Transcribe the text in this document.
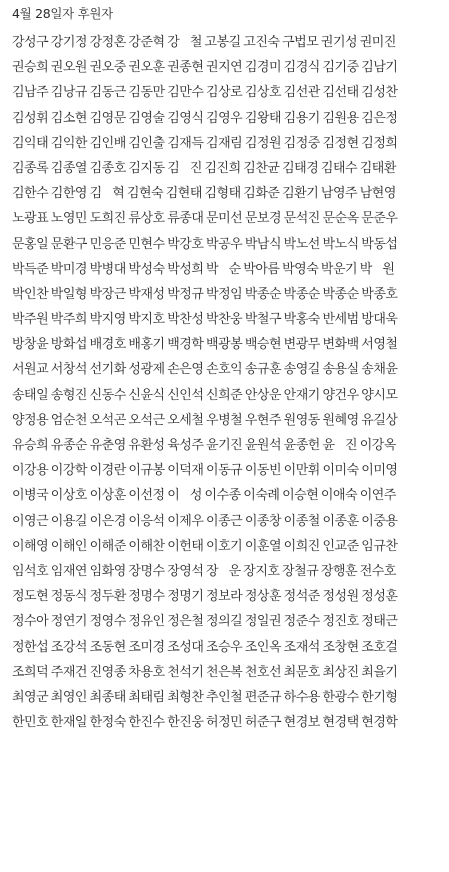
4월 28일자 후원자
강성구 강기정 강정혼 강준혁 강    철 고봉길 고진숙 구법모 권기성 권미진
권승희 권오원 권오중 권오훈 권종현 권지연 김경미 김경식 김기중 김남기
김남주 김낭규 김동근 김동만 김만수 김상로 김상호 김선관 김선태 김성찬
김성휘 김소현 김영문 김영술 김영식 김영우 김왕태 김용기 김원용 김은정
김익태 김익한 김인배 김인출 김재득 김재림 김정원 김정중 김정현 김정희
김종록 김종열 김종호 김지동 김    진 김진희 김찬균 김태경 김태수 김태환
김한수 김한영 김    혁 김현숙 김현태 김형태 김화준 김환기 남영주 남현영
노광표 노영민 도희진 류상호 류종대 문미선 문보경 문석진 문순옥 문준우
문홍일 문환구 민응준 민현수 박강호 박공우 박남식 박노선 박노식 박동섭
박득준 박미경 박병대 박성숙 박성희 박    순 박아름 박영숙 박운기 박    원
박인찬 박일형 박장근 박재성 박정규 박정임 박종순 박종순 박종순 박종호
박주원 박주희 박지영 박지호 박찬성 박찬웅 박철구 박홍숙 반세범 방대욱
방창윤 방화섭 배경호 배홍기 백경학 백광봉 백승현 변광무 변화백 서영철
서원교 서창석 선기화 성광제 손은영 손호익 송규훈 송영길 송용실 송채윤
송태일 송형진 신동수 신윤식 신인석 신희준 안상운 안재기 양건우 양시모
양정용 엄순천 오석곤 오석근 오세철 우병철 우현주 원영동 원혜영 유길상
유승희 유종순 유춘영 유환성 육성주 윤기진 윤원석 윤종헌 윤    진 이강옥
이강용 이강학 이경란 이규봉 이덕재 이동규 이동빈 이만휘 이미숙 이미영
이병국 이상호 이상훈 이선정 이    성 이수종 이숙례 이승현 이애숙 이연주
이영근 이용길 이은경 이응석 이제우 이종근 이종창 이종철 이종훈 이중용
이해영 이해인 이해준 이해찬 이헌태 이호기 이훈열 이희진 인교준 임규찬
임석호 임재연 임화영 장명수 장영석 장    운 장지호 장철규 장행훈 전수호
정도현 정동식 정두환 정명수 정명기 정보라 정상훈 정석준 정성원 정성훈
정수아 정연기 정영수 정유인 정은철 정의길 정일권 정준수 정진호 정태근
정한섭 조강석 조동현 조미경 조성대 조승우 조인옥 조재석 조창현 조호걸
조희덕 주재건 진영종 차용호 천석기 천은복 천호선 최문호 최상진 최을기
최영군 최영인 최종태 최태림 최형찬 추인철 편준규 하수용 한광수 한기형
한민호 한재일 한정숙 한진수 한진웅 허정민 허준구 현경보 현경택 현경학
